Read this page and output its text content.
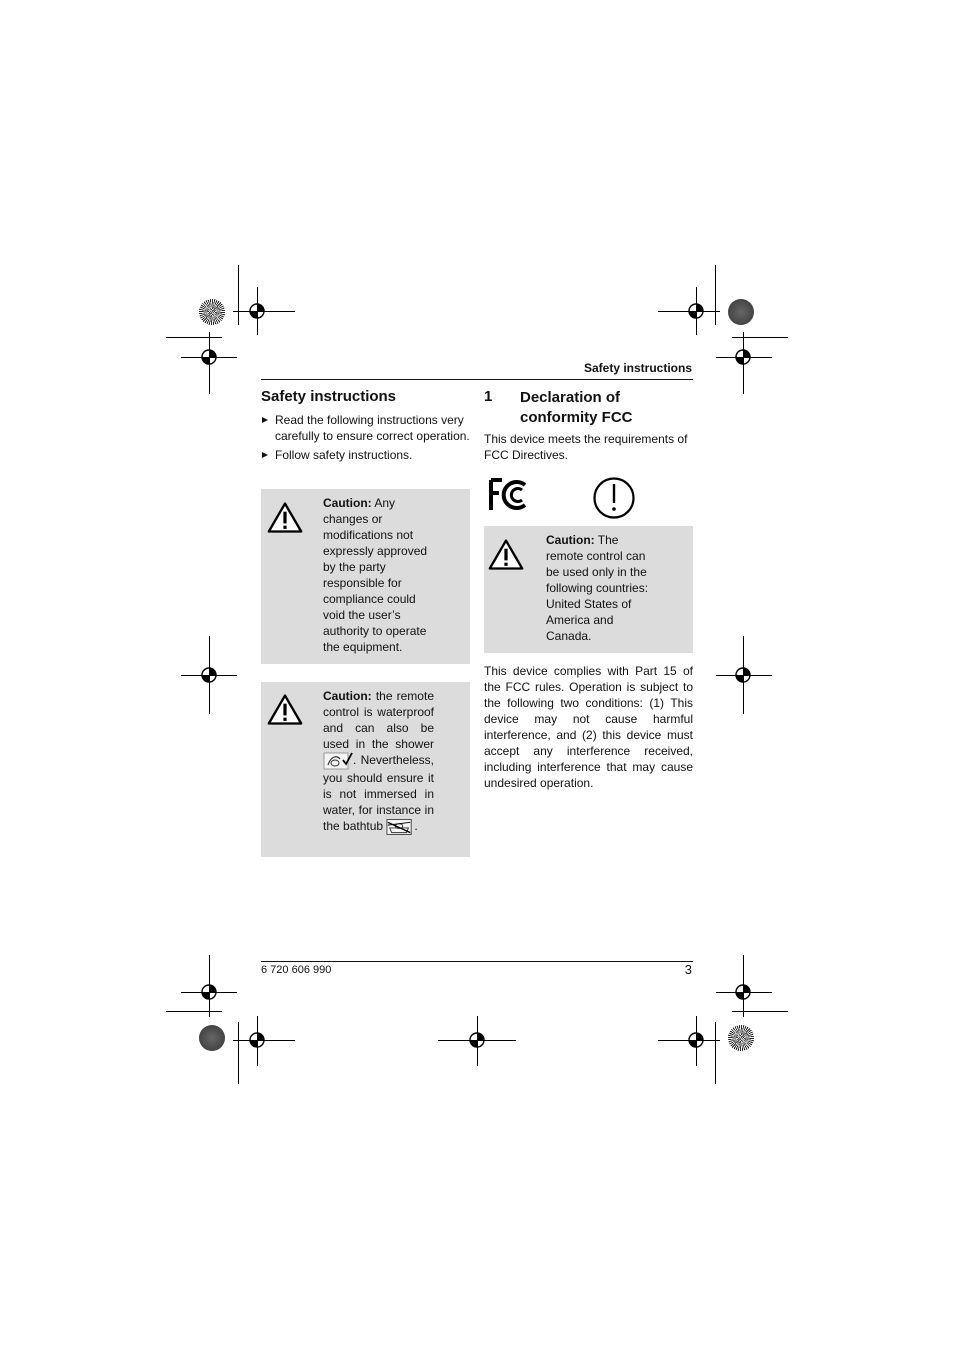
Safety instructions
Safety instructions
Read the following instructions very carefully to ensure correct operation.
Follow safety instructions.
Caution: Any changes or modifications not expressly approved by the party responsible for compliance could void the user’s authority to operate the equipment.
Caution: the remote control is waterproof and can also be used in the shower . Nevertheless, you should ensure it is not immersed in water, for instance in the bathtub	.
1 Declaration of conformity FCC
This device meets the requirements of FCC Directives.
Caution: The remote control can be used only in the following countries: United States of America and Canada.
This device complies with Part 15 of the FCC rules. Operation is subject to the following two conditions: (1) This device may not cause harmful interference, and (2) this device must accept any interference received, including interference that may cause undesired operation.
6 720 606 990	3
